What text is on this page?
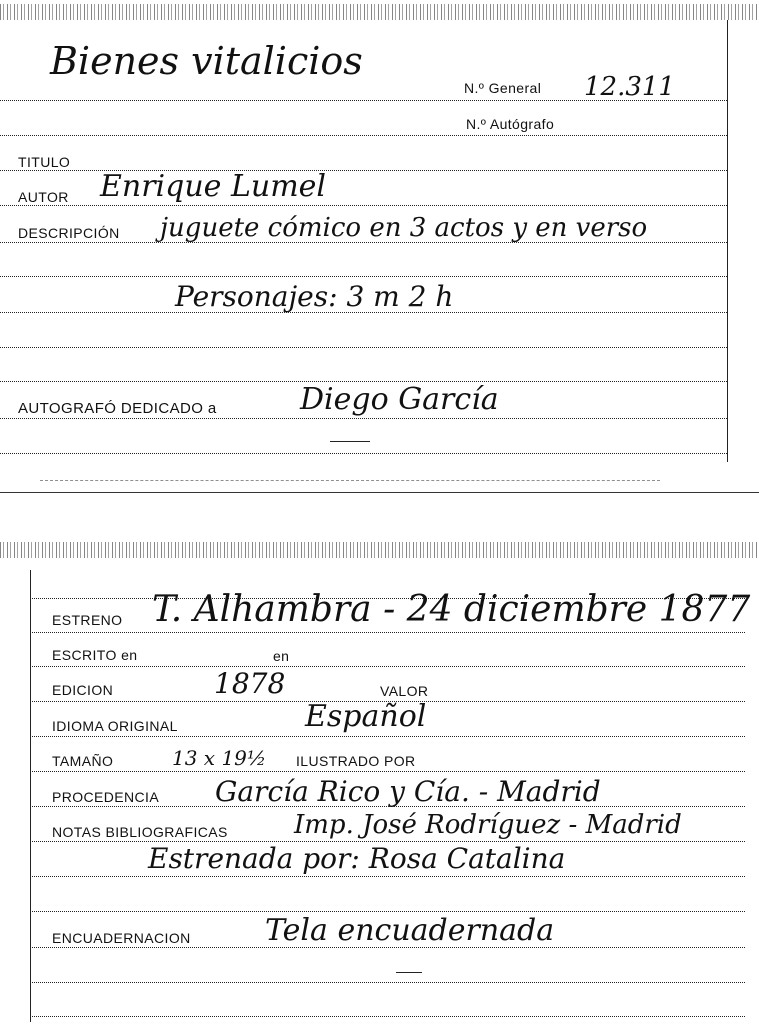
Bienes vitalicios
N.º General 12.311
N.º Autógrafo
TITULO
AUTOR Enrique Lumel
DESCRIPCIÓN juguete cómico en 3 actos y en verso
Personajes: 3 m 2 h
AUTOGRAFÓ DEDICADO a	Diego García
ESTRENO T. Alhambra - 24 diciembre 1877
ESCRITO en	en
EDICION	1878	VALOR
IDIOMA ORIGINAL	Español
TAMAÑO	13 x 19½ ILUSTRADO POR
PROCEDENCIA García Rico y Cía. - Madrid
NOTAS BIBLIOGRAFICAS	Imp. José Rodríguez - Madrid
Estrenada por: Rosa Catalina
ENCUADERNACION Tela encuadernada
